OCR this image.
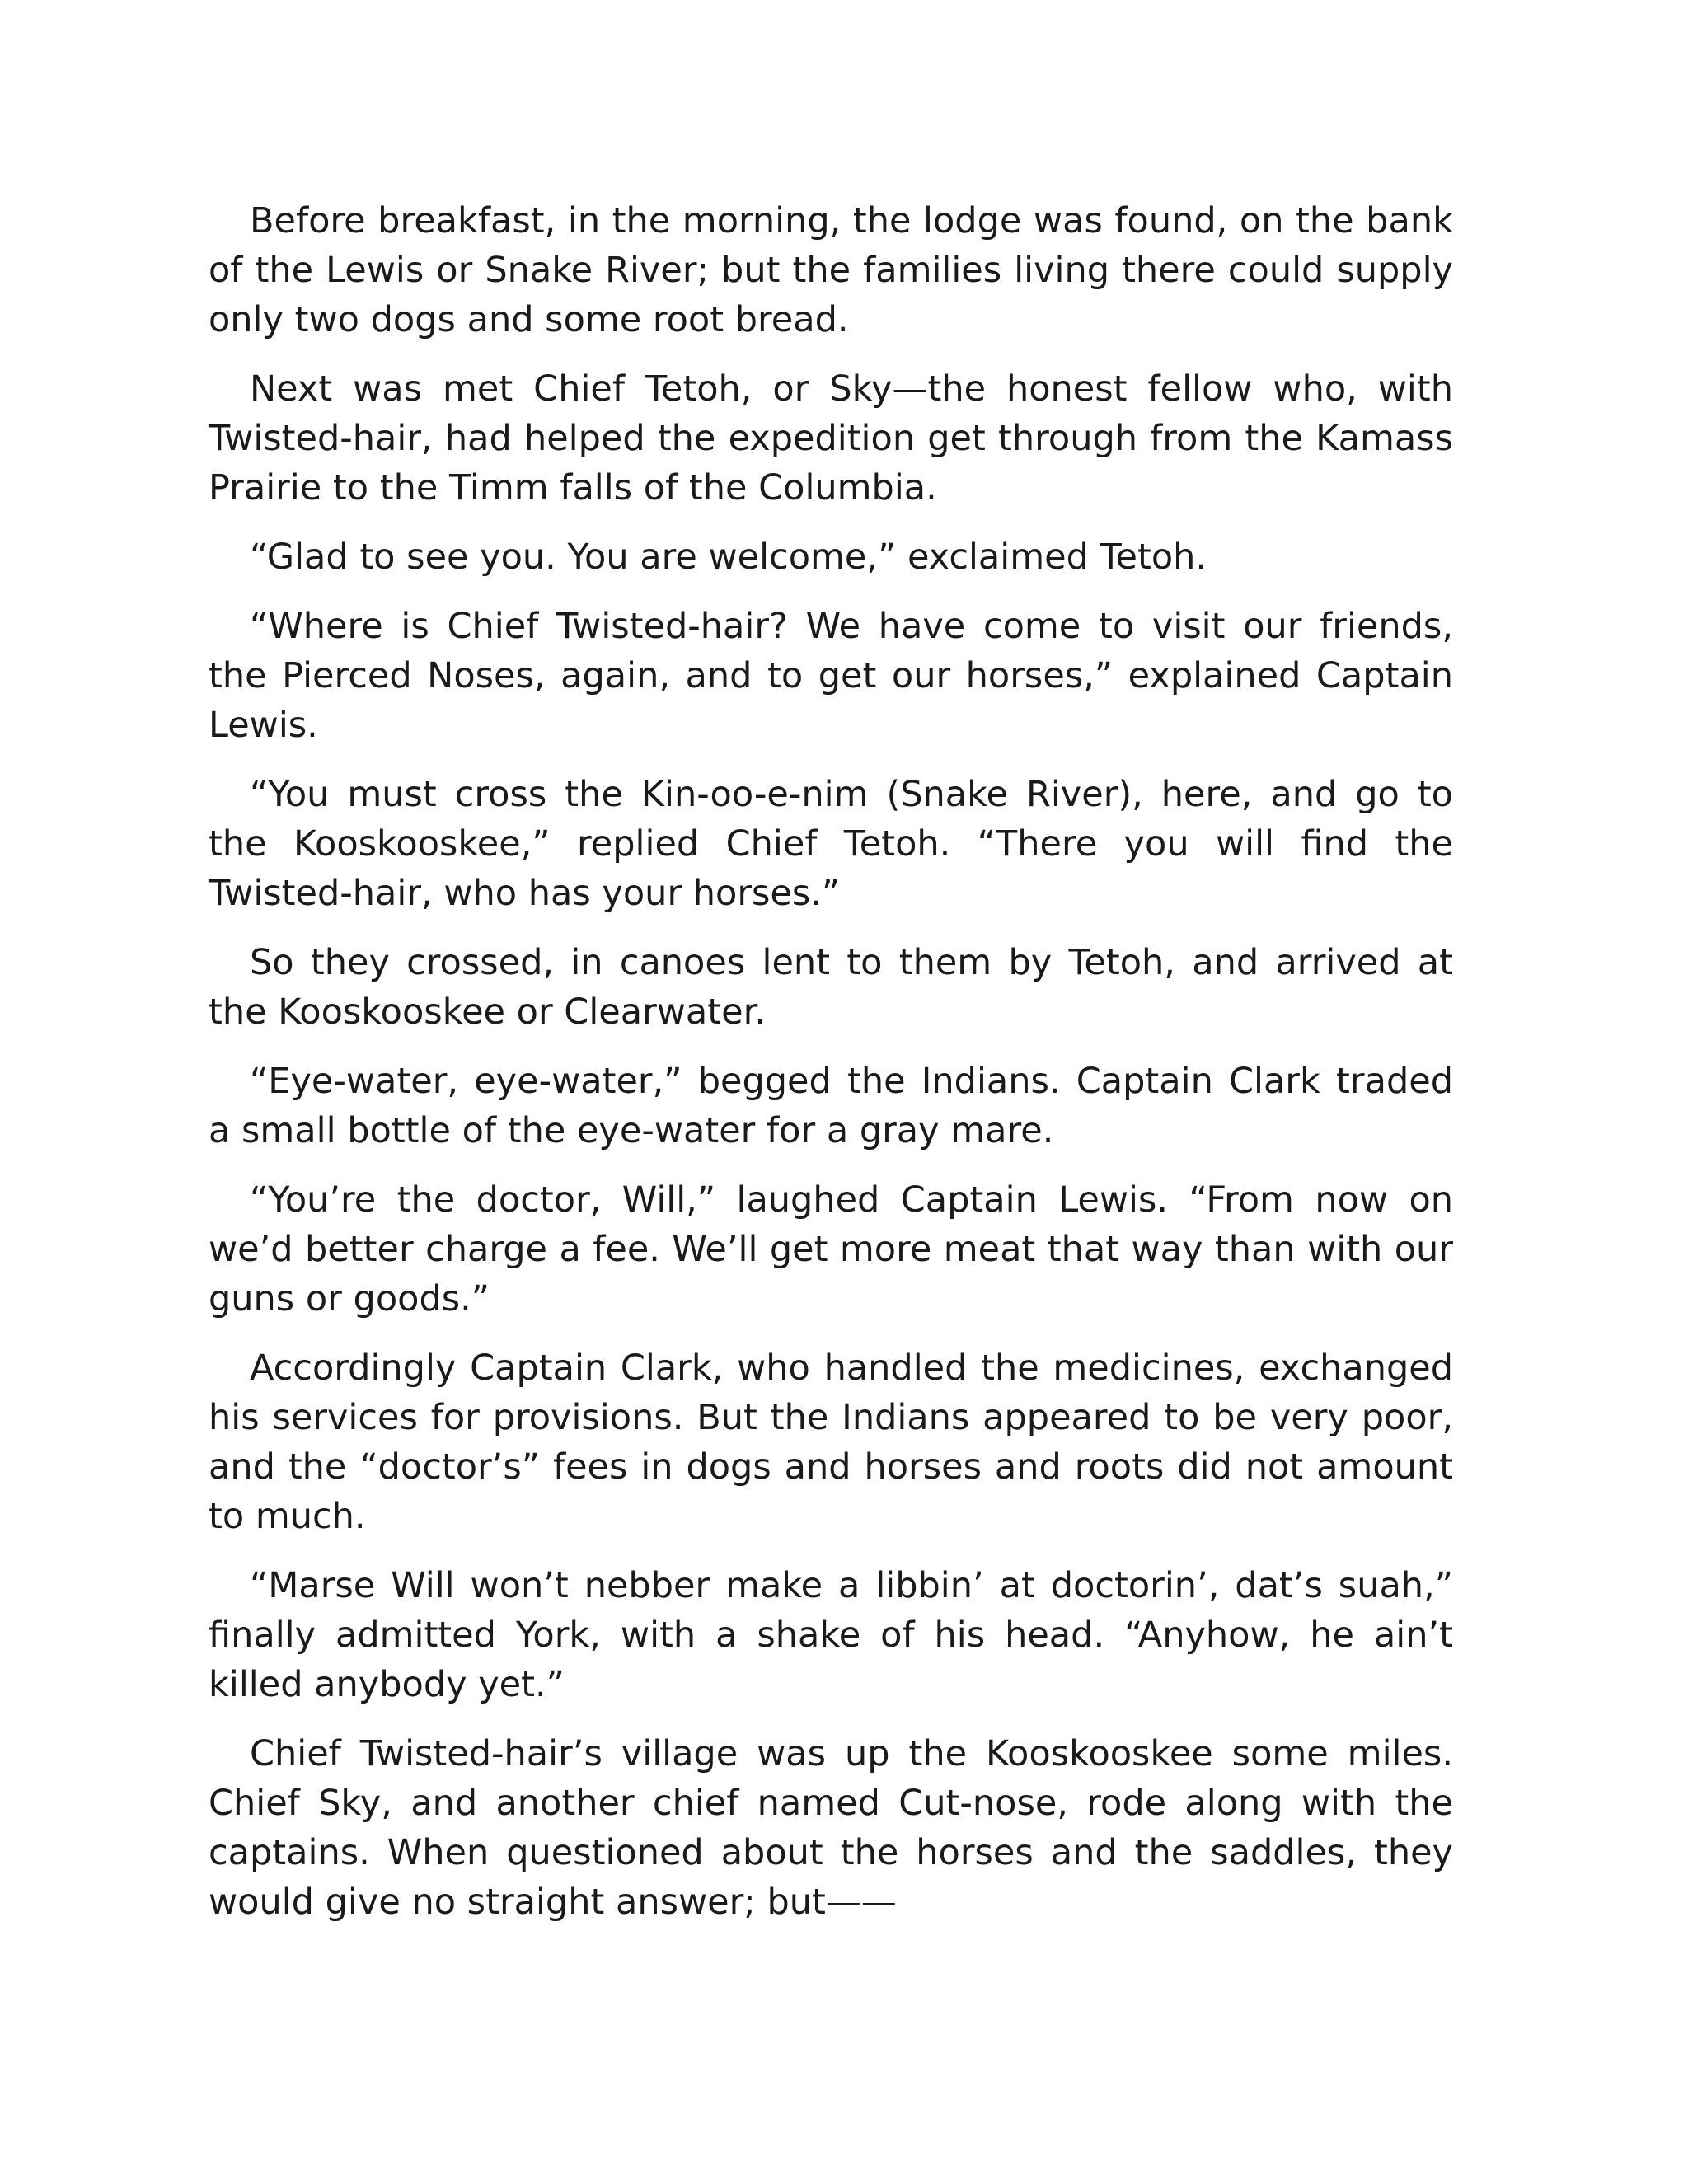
Before breakfast, in the morning, the lodge was found, on the bank of the Lewis or Snake River; but the families living there could supply only two dogs and some root bread.

Next was met Chief Tetoh, or Sky—the honest fellow who, with Twisted-hair, had helped the expedition get through from the Kamass Prairie to the Timm falls of the Columbia.

“Glad to see you. You are welcome,” exclaimed Tetoh.

“Where is Chief Twisted-hair? We have come to visit our friends, the Pierced Noses, again, and to get our horses,” explained Captain Lewis.

“You must cross the Kin-oo-e-nim (Snake River), here, and go to the Kooskooskee,” replied Chief Tetoh. “There you will find the Twisted-hair, who has your horses.”

So they crossed, in canoes lent to them by Tetoh, and arrived at the Kooskooskee or Clearwater.

“Eye-water, eye-water,” begged the Indians. Captain Clark traded a small bottle of the eye-water for a gray mare.

“You’re the doctor, Will,” laughed Captain Lewis. “From now on we’d better charge a fee. We’ll get more meat that way than with our guns or goods.”

Accordingly Captain Clark, who handled the medicines, exchanged his services for provisions. But the Indians appeared to be very poor, and the “doctor’s” fees in dogs and horses and roots did not amount to much.

“Marse Will won’t nebber make a libbin’ at doctorin’, dat’s suah,” finally admitted York, with a shake of his head. “Anyhow, he ain’t killed anybody yet.”

Chief Twisted-hair’s village was up the Kooskooskee some miles. Chief Sky, and another chief named Cut-nose, rode along with the captains. When questioned about the horses and the saddles, they would give no straight answer; but——
